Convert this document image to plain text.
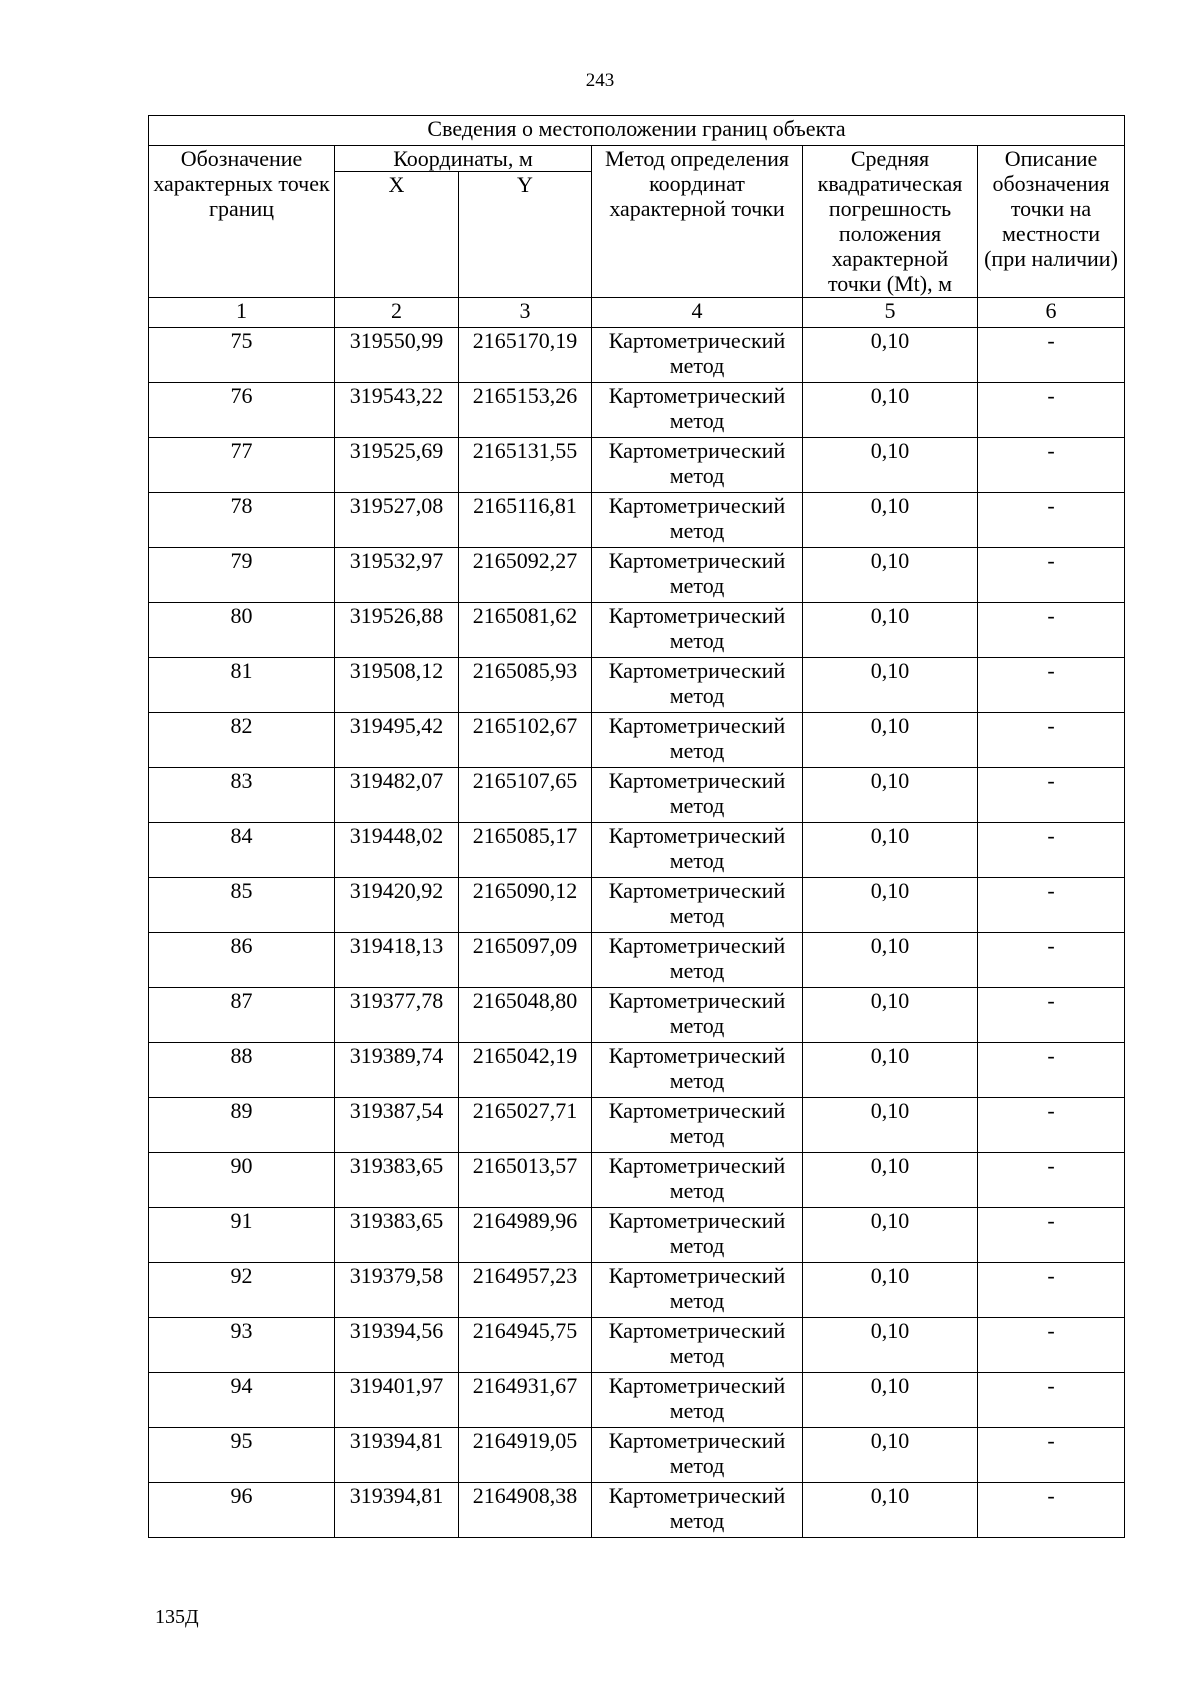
243
Сведения о местоположении границ объекта					
Обозначение характерных точек границ	Координаты, м		Метод определения координат характерной точки	Средняя квадратическая погрешность положения характерной точки (Mt), м	Описание обозначения точки на местности (при наличии)
	X	Y			
1	2	3	4	5	6
75	319550,99	2165170,19	Картометрический метод	0,10	-
76	319543,22	2165153,26	Картометрический метод	0,10	-
77	319525,69	2165131,55	Картометрический метод	0,10	-
78	319527,08	2165116,81	Картометрический метод	0,10	-
79	319532,97	2165092,27	Картометрический метод	0,10	-
80	319526,88	2165081,62	Картометрический метод	0,10	-
81	319508,12	2165085,93	Картометрический метод	0,10	-
82	319495,42	2165102,67	Картометрический метод	0,10	-
83	319482,07	2165107,65	Картометрический метод	0,10	-
84	319448,02	2165085,17	Картометрический метод	0,10	-
85	319420,92	2165090,12	Картометрический метод	0,10	-
86	319418,13	2165097,09	Картометрический метод	0,10	-
87	319377,78	2165048,80	Картометрический метод	0,10	-
88	319389,74	2165042,19	Картометрический метод	0,10	-
89	319387,54	2165027,71	Картометрический метод	0,10	-
90	319383,65	2165013,57	Картометрический метод	0,10	-
91	319383,65	2164989,96	Картометрический метод	0,10	-
92	319379,58	2164957,23	Картометрический метод	0,10	-
93	319394,56	2164945,75	Картометрический метод	0,10	-
94	319401,97	2164931,67	Картометрический метод	0,10	-
95	319394,81	2164919,05	Картометрический метод	0,10	-
96	319394,81	2164908,38	Картометрический метод	0,10	-
135Д
